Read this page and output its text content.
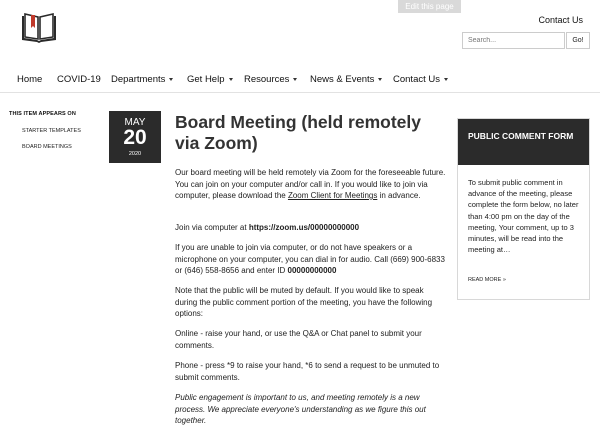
Edit this page
Contact Us
Search...
Go!
Home COVID-19 Departments	Get Help	Resources	News & Events	Contact Us
THIS ITEM APPEARS ON
STARTER TEMPLATES
BOARD MEETINGS
MAY
20
2020
Board Meeting (held remotely via Zoom)

Our board meeting will be held remotely via Zoom for the foreseeable future. You can join on your computer and/or call in. If you would like to join via computer, please download the Zoom Client for Meetings in advance.

Join via computer at https://zoom.us/00000000000

If you are unable to join via computer, or do not have speakers or a microphone on your computer, you can dial in for audio. Call (669) 900-6833 or (646) 558-8656 and enter ID 00000000000

Note that the public will be muted by default. If you would like to speak during the public comment portion of the meeting, you have the following options:

Online - raise your hand, or use the Q&A or Chat panel to submit your comments.

Phone - press *9 to raise your hand, *6 to send a request to be unmuted to submit comments.

Public engagement is important to us, and meeting remotely is a new process. We appreciate everyone's understanding as we figure this out together.

PUBLIC COMMENT FORM
To submit public comment in advance of the meeting, please complete the form below, no later than 4:00 pm on the day of the meeting, Your comment, up to 3 minutes, will be read into the meeting at…
READ MORE »
